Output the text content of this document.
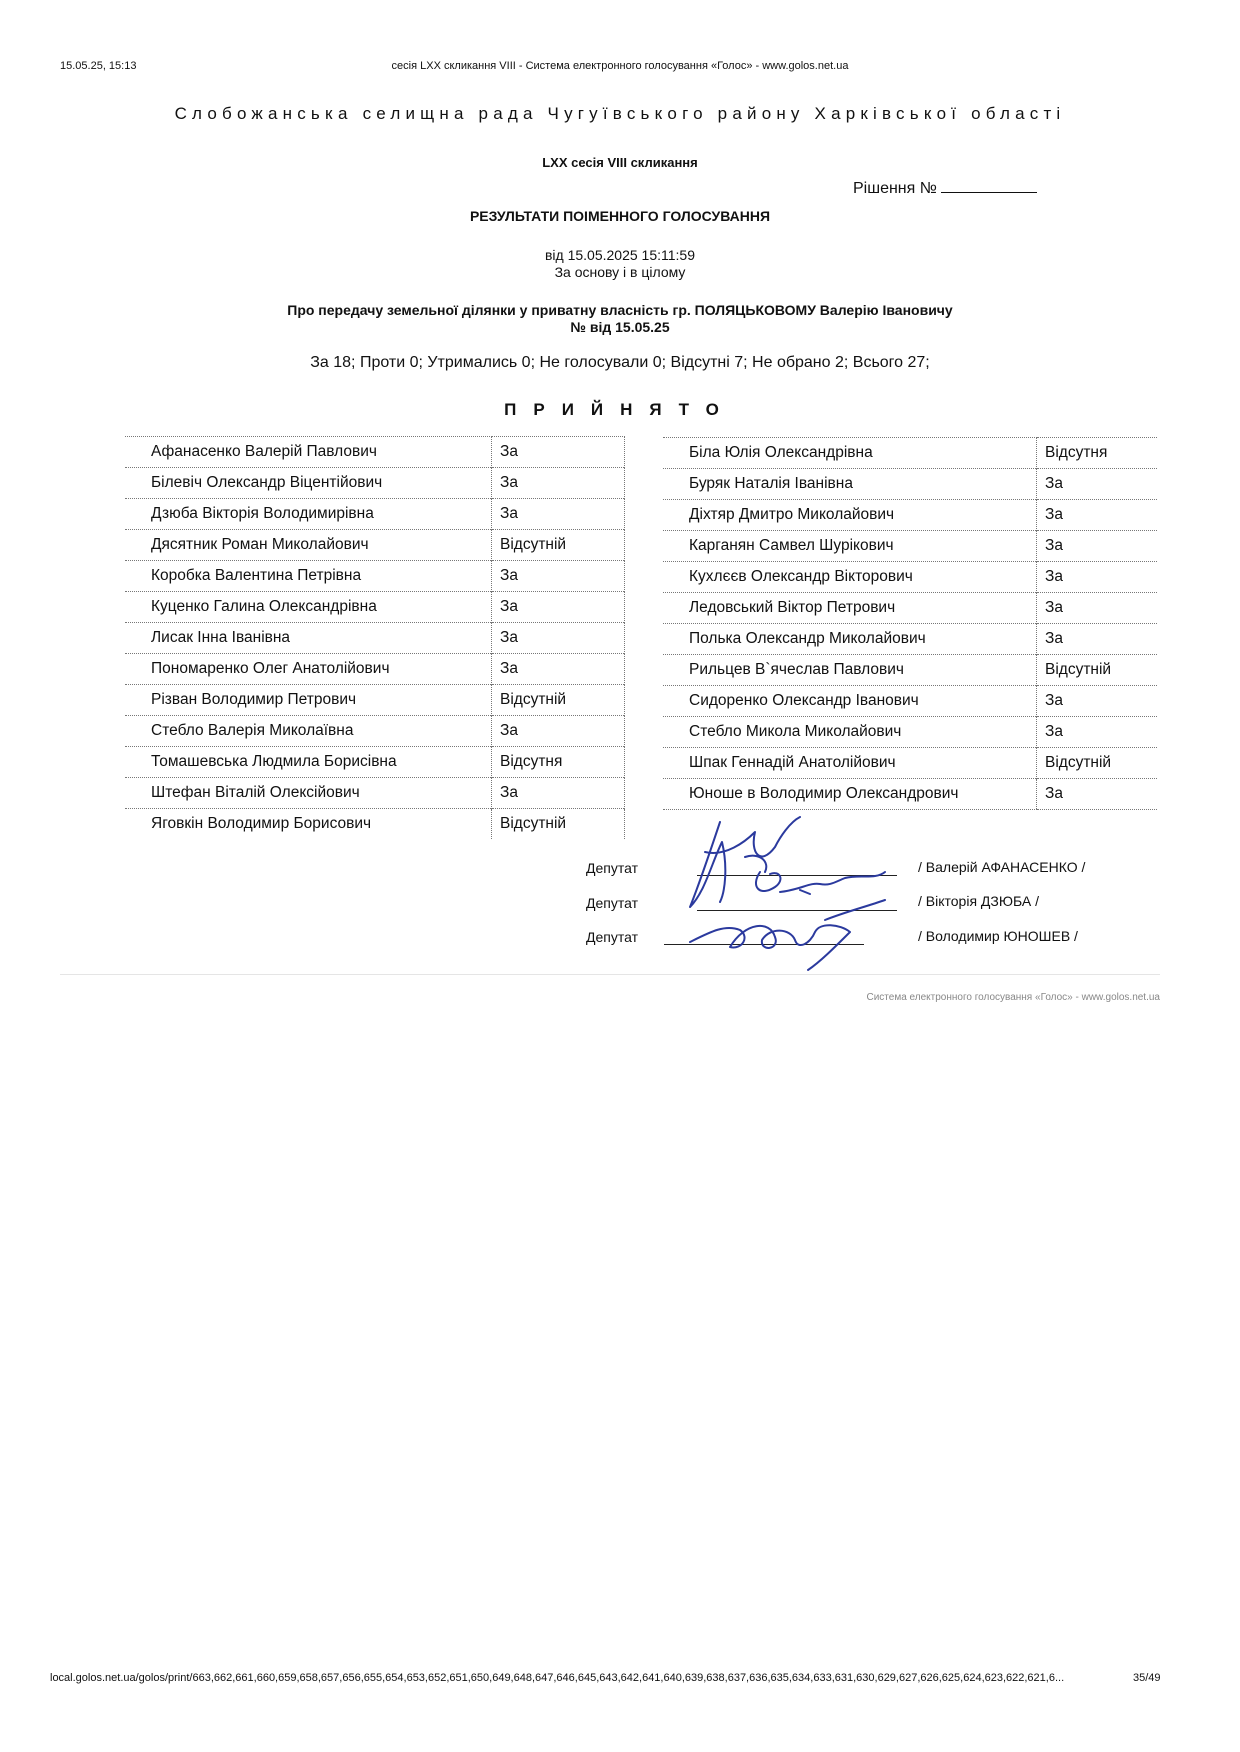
15.05.25, 15:13	сесія LXX скликання VIII - Система електронного голосування «Голос» - www.golos.net.ua
Слобожанська селищна рада Чугуївського району Харківської області
LXX сесія VIII скликання
Рішення №
РЕЗУЛЬТАТИ ПОІМЕННОГО ГОЛОСУВАННЯ
від 15.05.2025 15:11:59
За основу і в цілому
Про передачу земельної ділянки у приватну власність гр. ПОЛЯЦЬКОВОМУ Валерію Івановичу
№ від 15.05.25
За 18; Проти 0; Утримались 0; Не голосували 0; Відсутні 7; Не обрано 2; Всього 27;
ПРИЙНЯТО
Афанасенко Валерій Павлович	За
Білевіч Олександр Віцентійович	За
Дзюба Вікторія Володимирівна	За
Дясятник Роман Миколайович	Відсутній
Коробка Валентина Петрівна	За
Куценко Галина Олександрівна	За
Лисак Інна Іванівна	За
Пономаренко Олег Анатолійович	За
Різван Володимир Петрович	Відсутній
Стебло Валерія Миколаївна	За
Томашевська Людмила Борисівна	Відсутня
Штефан Віталій Олексійович	За
Яговкін Володимир Борисович	Відсутній
Біла Юлія Олександрівна	Відсутня
Буряк Наталія Іванівна	За
Діхтяр Дмитро Миколайович	За
Карганян Самвел Шурікович	За
Кухлєєв Олександр Вікторович	За
Ледовський Віктор Петрович	За
Полька Олександр Миколайович	За
Рильцев В`ячеслав Павлович	Відсутній
Сидоренко Олександр Іванович	За
Стебло Микола Миколайович	За
Шпак Геннадій Анатолійович	Відсутній
Юноше в Володимир Олександрович	За
Депутат	/ Валерій АФАНАСЕНКО /
Депутат	/ Вікторія ДЗЮБА /
Депутат	/ Володимир ЮНОШЕВ /
Система електронного голосування «Голос» - www.golos.net.ua
local.golos.net.ua/golos/print/663,662,661,660,659,658,657,656,655,654,653,652,651,650,649,648,647,646,645,643,642,641,640,639,638,637,636,635,634,633,631,630,629,627,626,625,624,623,622,621,6...	35/49
